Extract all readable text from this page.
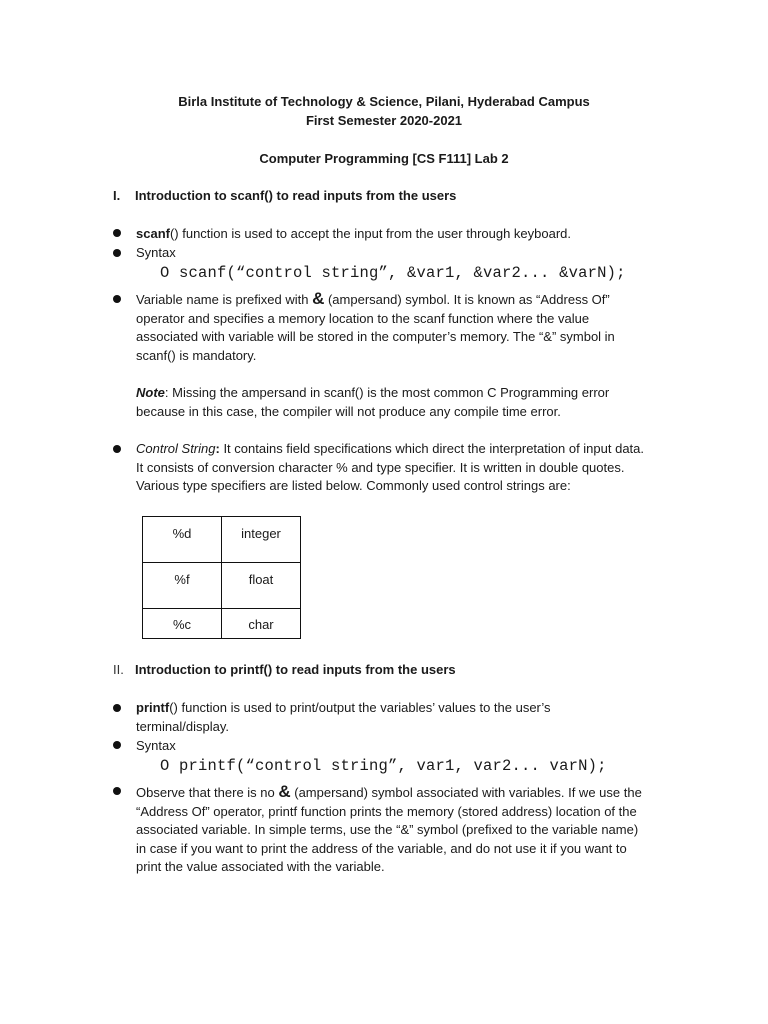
Birla Institute of Technology & Science, Pilani, Hyderabad Campus
First Semester 2020-2021
Computer Programming [CS F111] Lab 2
I. Introduction to scanf() to read inputs from the users
scanf() function is used to accept the input from the user through keyboard.
Syntax
O scanf(“control string”, &var1, &var2... &varN);
Variable name is prefixed with & (ampersand) symbol. It is known as “Address Of”
operator and specifies a memory location to the scanf function where the value
associated with variable will be stored in the computer’s memory. The “&” symbol in
scanf() is mandatory.
Note: Missing the ampersand in scanf() is the most common C Programming error
because in this case, the compiler will not produce any compile time error.
Control String: It contains field specifications which direct the interpretation of input data.
It consists of conversion character % and type specifier. It is written in double quotes.
Various type specifiers are listed below. Commonly used control strings are:
%d	integer
%f	float
%c	char
II. Introduction to printf() to read inputs from the users
printf() function is used to print/output the variables’ values to the user’s
terminal/display.
Syntax
O printf(“control string”, var1, var2... varN);
Observe that there is no & (ampersand) symbol associated with variables. If we use the
“Address Of” operator, printf function prints the memory (stored address) location of the
associated variable. In simple terms, use the “&” symbol (prefixed to the variable name)
in case if you want to print the address of the variable, and do not use it if you want to
print the value associated with the variable.
